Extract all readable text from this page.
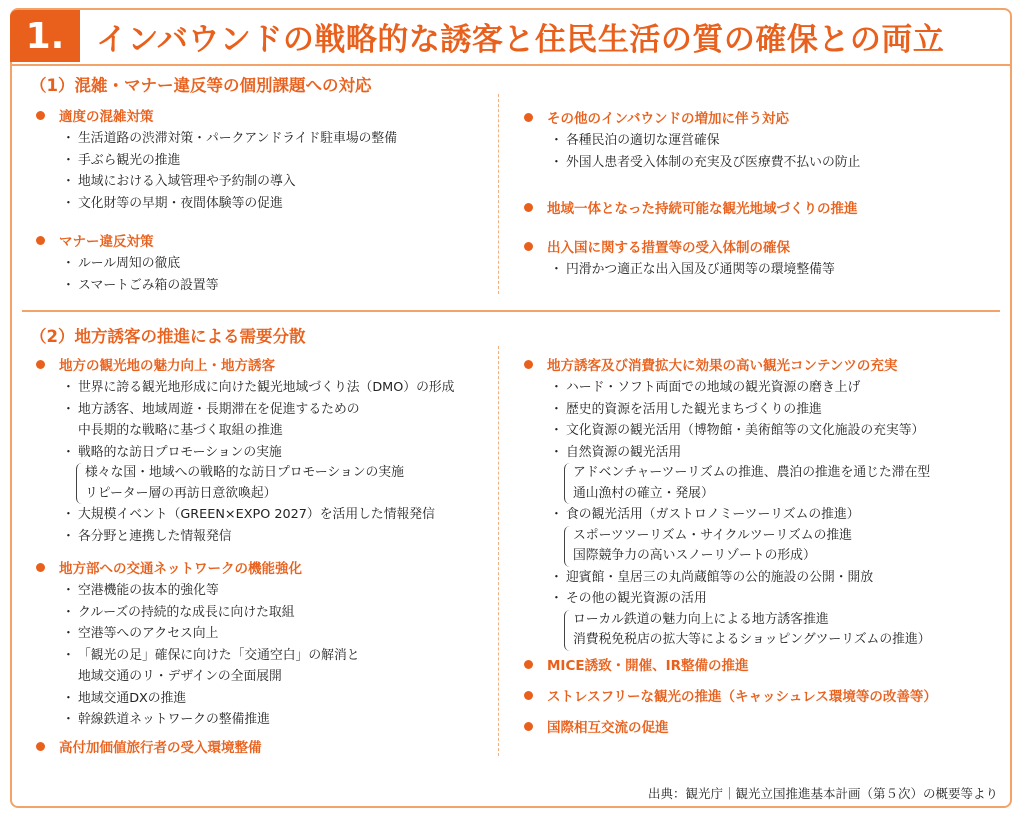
1.	インバウンドの戦略的な誘客と住民生活の質の確保との両立
（1）混雑・マナー違反等の個別課題への対応
適度の混雑対策
・ 生活道路の渋滞対策・パークアンドライド駐車場の整備
・ 手ぶら観光の推進
・ 地域における入域管理や予約制の導入
・ 文化財等の早期・夜間体験等の促進
マナー違反対策
・ ルール周知の徹底
・ スマートごみ箱の設置等
その他のインバウンドの増加に伴う対応
・ 各種民泊の適切な運営確保
・ 外国人患者受入体制の充実及び医療費不払いの防止
地域一体となった持続可能な観光地域づくりの推進
出入国に関する措置等の受入体制の確保
・ 円滑かつ適正な出入国及び通関等の環境整備等
（2）地方誘客の推進による需要分散
地方の観光地の魅力向上・地方誘客
・ 世界に誇る観光地形成に向けた観光地域づくり法（DMO）の形成
・ 地方誘客、地域周遊・長期滞在を促進するための
中長期的な戦略に基づく取組の推進
・ 戦略的な訪日プロモーションの実施
様々な国・地域への戦略的な訪日プロモーションの実施
リピーター層の再訪日意欲喚起）
・ 大規模イベント（GREEN×EXPO 2027）を活用した情報発信
・ 各分野と連携した情報発信
地方部への交通ネットワークの機能強化
・ 空港機能の抜本的強化等
・ クルーズの持続的な成長に向けた取組
・ 空港等へのアクセス向上
・ 「観光の足」確保に向けた「交通空白」の解消と
地域交通のリ・デザインの全面展開
・ 地域交通DXの推進
・ 幹線鉄道ネットワークの整備推進
高付加価値旅行者の受入環境整備
地方誘客及び消費拡大に効果の高い観光コンテンツの充実
・ ハード・ソフト両面での地域の観光資源の磨き上げ
・ 歴史的資源を活用した観光まちづくりの推進
・ 文化資源の観光活用（博物館・美術館等の文化施設の充実等）
・ 自然資源の観光活用
アドベンチャーツーリズムの推進、農泊の推進を通じた滞在型
通山漁村の確立・発展）
・ 食の観光活用（ガストロノミーツーリズムの推進）
スポーツツーリズム・サイクルツーリズムの推進
国際競争力の高いスノーリゾートの形成）
・ 迎賓館・皇居三の丸尚蔵館等の公的施設の公開・開放
・ その他の観光資源の活用
ローカル鉄道の魅力向上による地方誘客推進
消費税免税店の拡大等によるショッピングツーリズムの推進）
MICE誘致・開催、IR整備の推進
ストレスフリーな観光の推進（キャッシュレス環境等の改善等）
国際相互交流の促進
出典：観光庁｜観光立国推進基本計画（第５次）の概要等より
